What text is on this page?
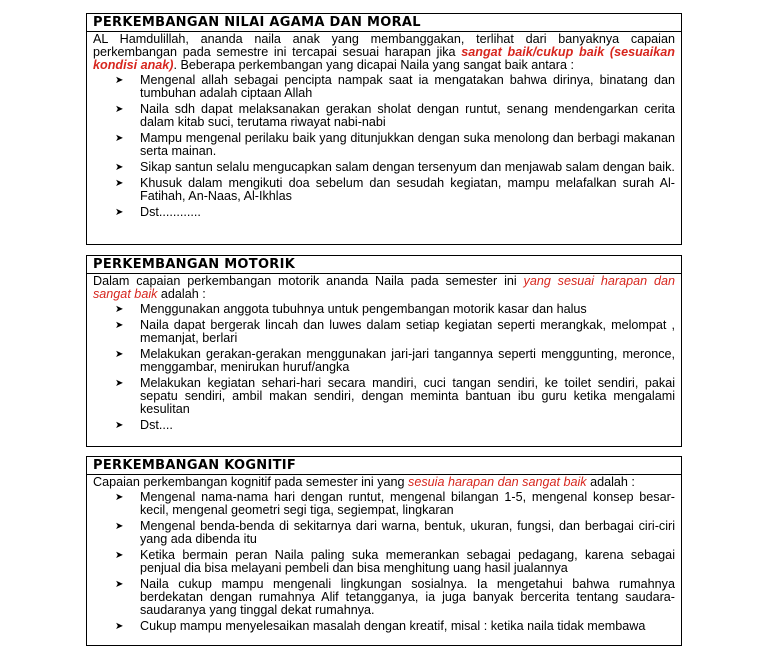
PERKEMBANGAN NILAI AGAMA DAN MORAL

AL Hamdulillah, ananda naila anak yang membanggakan, terlihat dari banyaknya capaian perkembangan pada semestre ini tercapai sesuai harapan jika sangat baik/cukup baik (sesuaikan kondisi anak). Beberapa perkembangan yang dicapai Naila yang sangat baik antara :

➤ Mengenal allah sebagai pencipta nampak saat ia mengatakan bahwa dirinya, binatang dan tumbuhan adalah ciptaan Allah
➤ Naila sdh dapat melaksanakan gerakan sholat dengan runtut, senang mendengarkan cerita dalam kitab suci, terutama riwayat nabi-nabi
➤ Mampu mengenal perilaku baik yang ditunjukkan dengan suka menolong dan berbagi makanan serta mainan.
➤ Sikap santun selalu mengucapkan salam dengan tersenyum dan menjawab salam dengan baik.
➤ Khusuk dalam mengikuti doa sebelum dan sesudah kegiatan, mampu melafalkan surah Al-Fatihah, An-Naas, Al-Ikhlas
➤ Dst............
PERKEMBANGAN MOTORIK

Dalam capaian perkembangan motorik ananda Naila pada semester ini yang sesuai harapan dan sangat baik adalah :

➤ Menggunakan anggota tubuhnya untuk pengembangan motorik kasar dan halus
➤ Naila dapat bergerak lincah dan luwes dalam setiap kegiatan seperti merangkak, melompat , memanjat, berlari
➤ Melakukan gerakan-gerakan menggunakan jari-jari tangannya seperti menggunting, meronce, menggambar, menirukan huruf/angka
➤ Melakukan kegiatan sehari-hari secara mandiri, cuci tangan sendiri, ke toilet sendiri, pakai sepatu sendiri, ambil makan sendiri, dengan meminta bantuan ibu guru ketika mengalami kesulitan
➤ Dst....
PERKEMBANGAN KOGNITIF

Capaian perkembangan kognitif pada semester ini yang sesuia harapan dan sangat baik adalah :

➤ Mengenal nama-nama hari dengan runtut, mengenal bilangan 1-5, mengenal konsep besar-kecil, mengenal geometri segi tiga, segiempat, lingkaran
➤ Mengenal benda-benda di sekitarnya dari warna, bentuk, ukuran, fungsi, dan berbagai ciri-ciri yang ada dibenda itu
➤ Ketika bermain peran Naila paling suka memerankan sebagai pedagang, karena sebagai penjual dia bisa melayani pembeli dan bisa menghitung uang hasil jualannya
➤ Naila cukup mampu mengenali lingkungan sosialnya. Ia mengetahui bahwa rumahnya berdekatan dengan rumahnya Alif tetangganya, ia juga banyak bercerita tentang saudara-saudaranya yang tinggal dekat rumahnya.
➤ Cukup mampu menyelesaikan masalah dengan kreatif, misal : ketika naila tidak membawa
